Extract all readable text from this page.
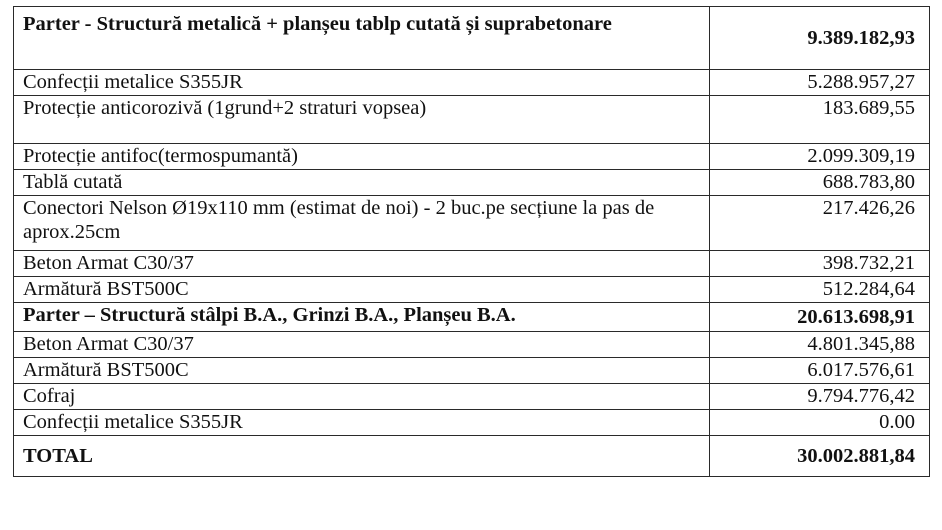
Parter - Structură metalică + planșeu tablp cutată și suprabetonare	9.389.182,93
Confecții metalice S355JR	5.288.957,27
Protecție anticorozivă (1grund+2 straturi vopsea)	183.689,55
Protecție antifoc(termospumantă)	2.099.309,19
Tablă cutată	688.783,80
Conectori Nelson Ø19x110 mm (estimat de noi) - 2 buc.pe secțiune la pas de aprox.25cm	217.426,26
Beton Armat C30/37	398.732,21
Armătură BST500C	512.284,64
Parter – Structură stâlpi B.A., Grinzi B.A., Planșeu B.A.	20.613.698,91
Beton Armat C30/37	4.801.345,88
Armătură BST500C	6.017.576,61
Cofraj	9.794.776,42
Confecții metalice S355JR	0.00
TOTAL	30.002.881,84
